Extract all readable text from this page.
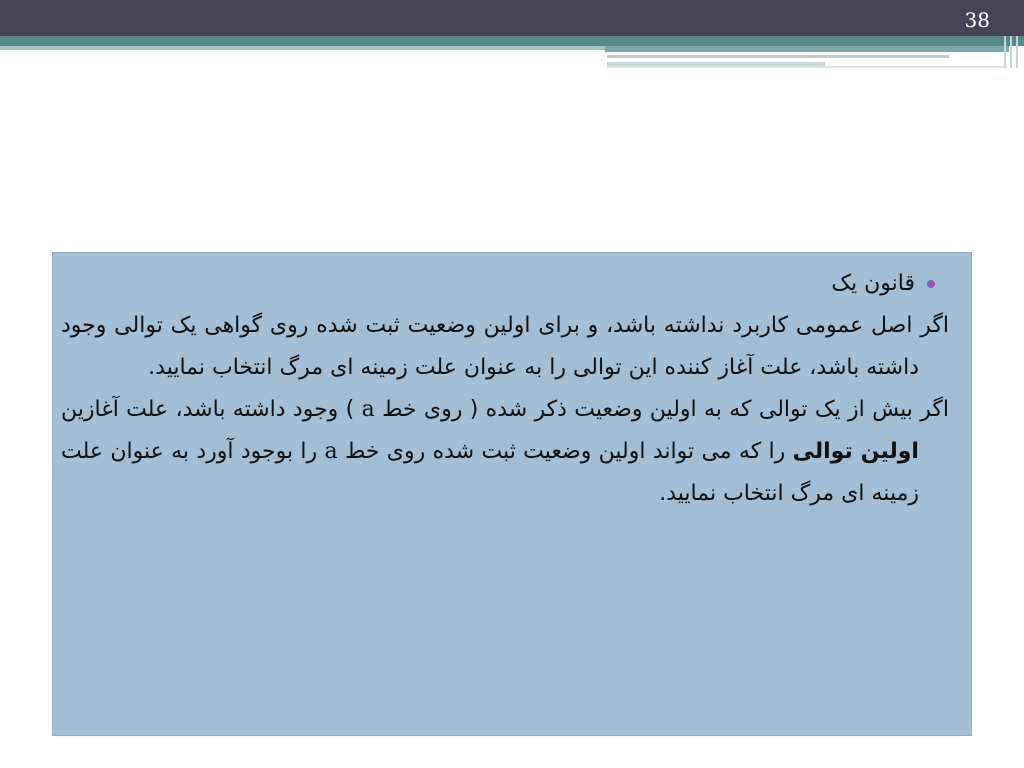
38
قانون یک

اگر اصل عمومی کاربرد نداشته باشد، و برای اولین وضعیت ثبت شده روی گواهی یک توالی وجود داشته باشد، علت آغاز کننده این توالی را به عنوان علت زمینه ای مرگ انتخاب نمایید.

اگر بیش از یک توالی که به اولین وضعیت ذکر شده ( روی خط a ) وجود داشته باشد، علت آغازین اولین توالی را که می تواند اولین وضعیت ثبت شده روی خط a را بوجود آورد به عنوان علت زمینه ای مرگ انتخاب نمایید.
